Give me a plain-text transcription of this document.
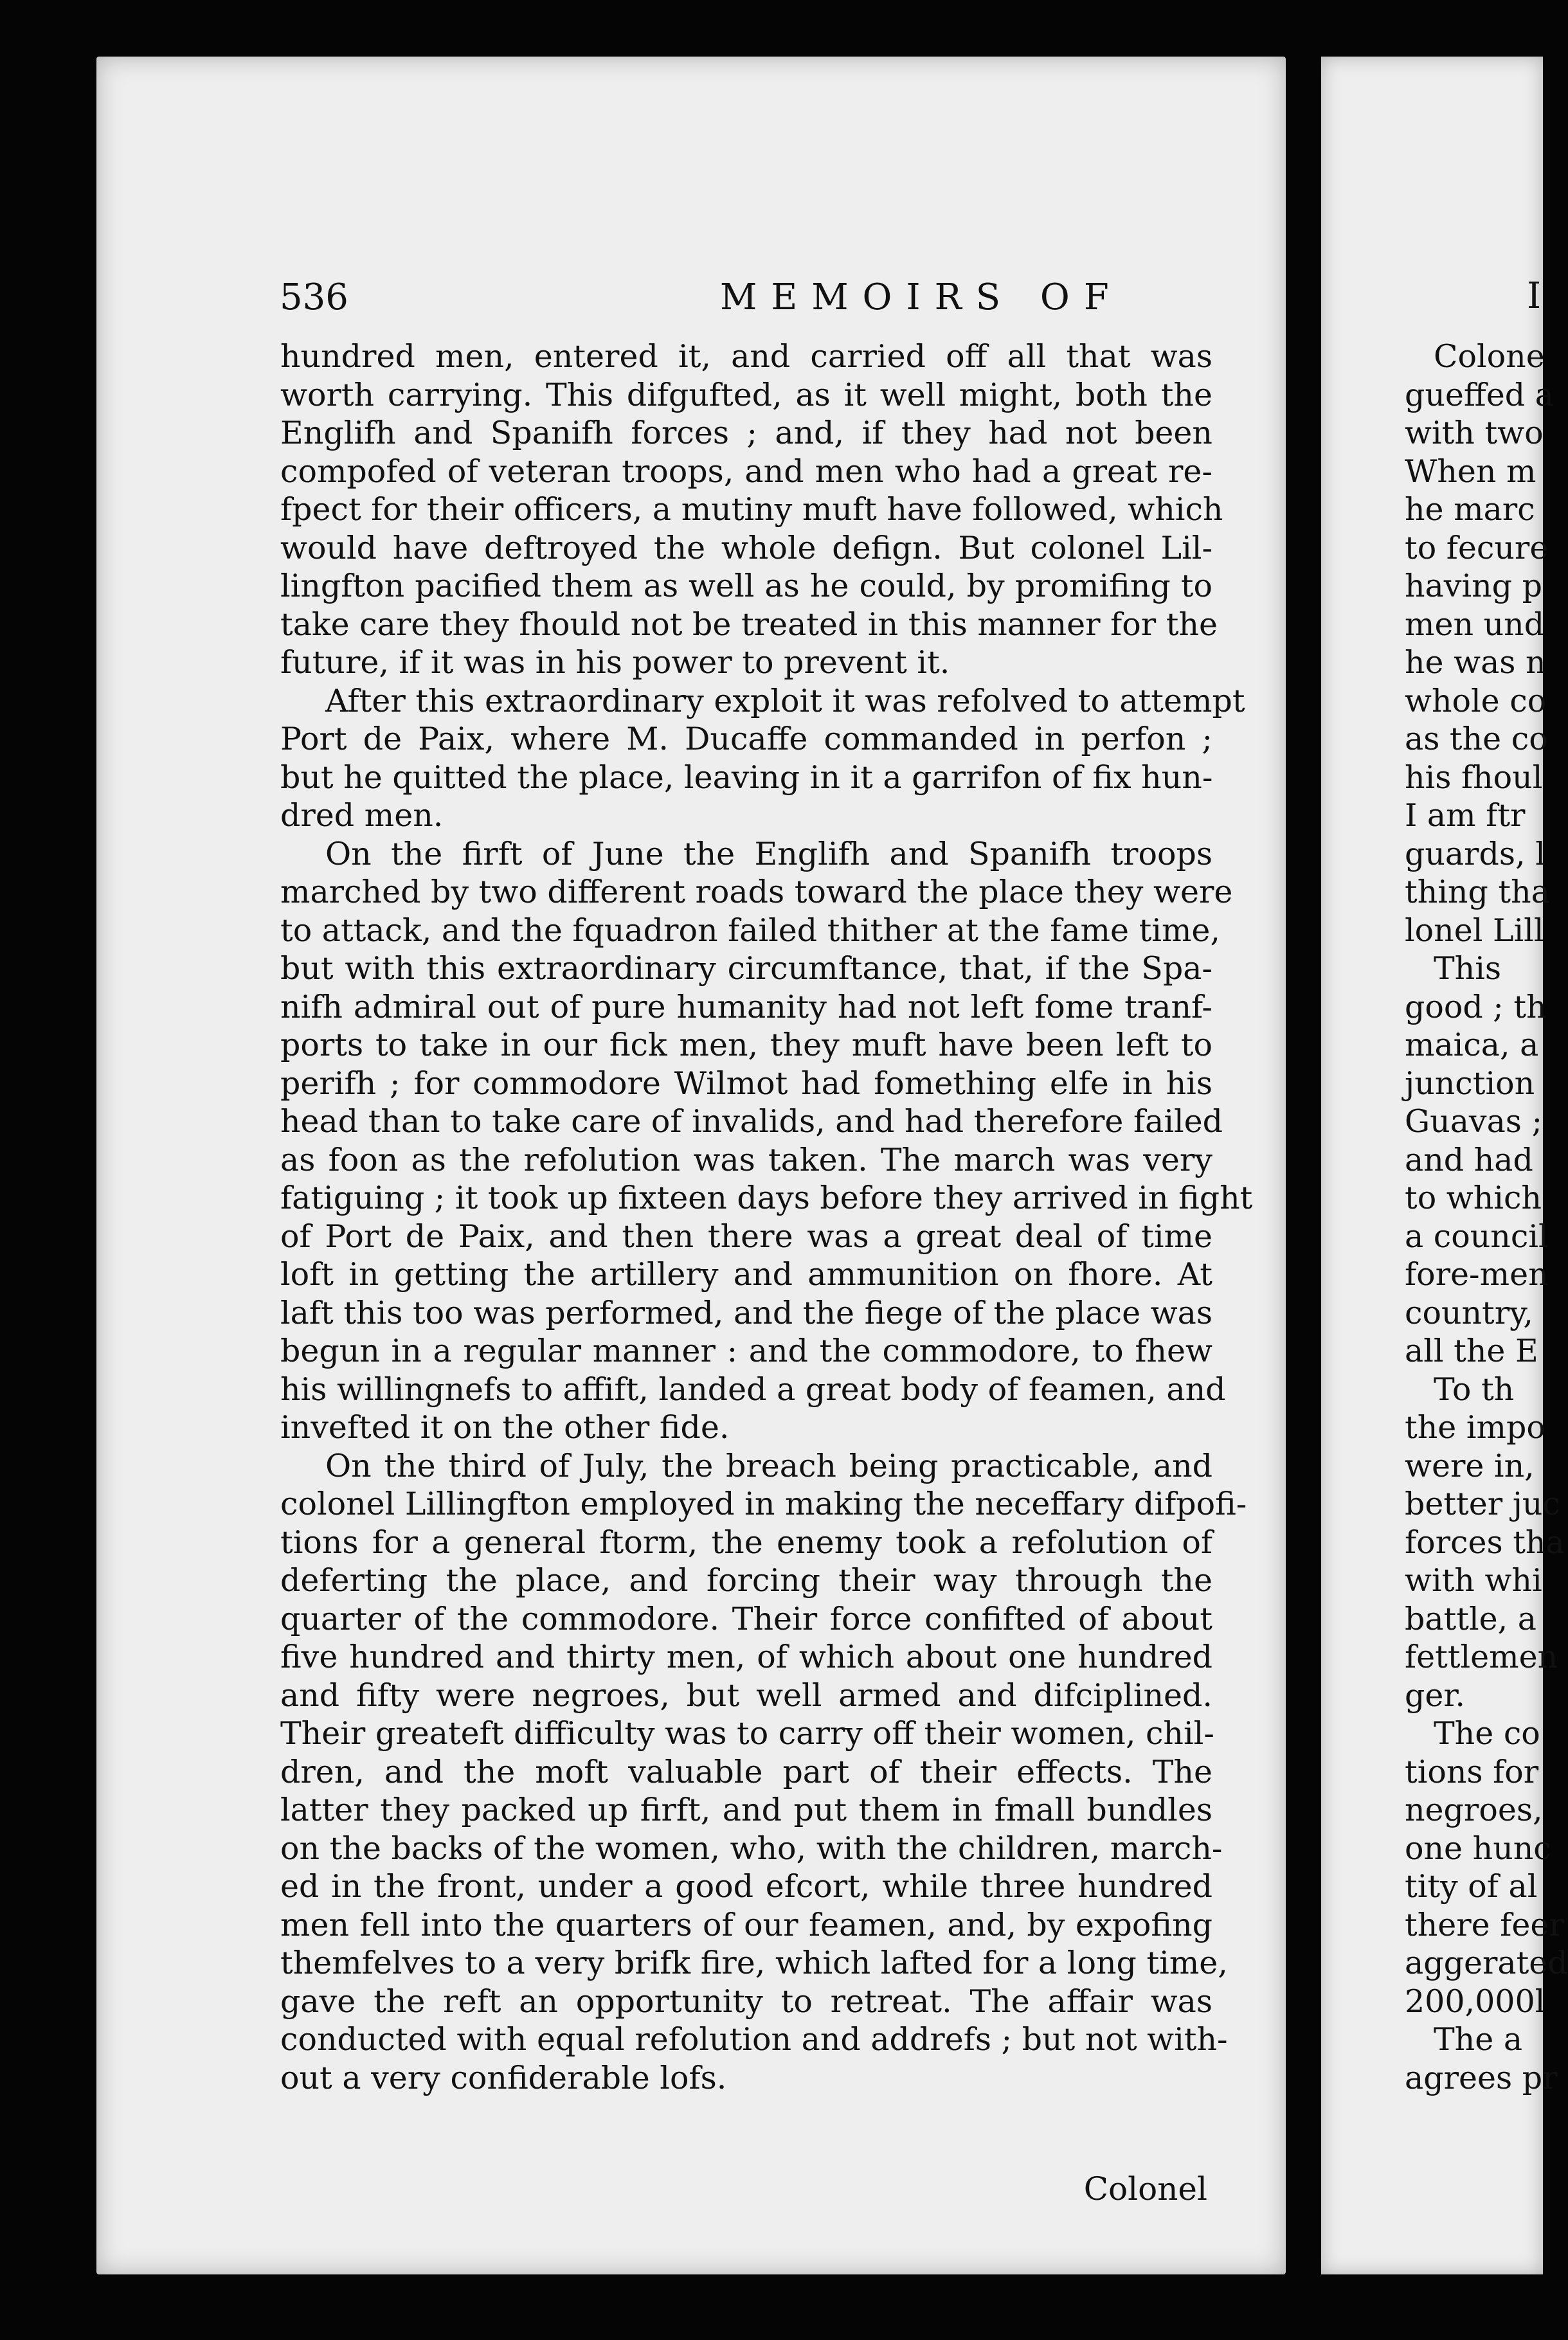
536	MEMOIRS OF
hundred men, entered it, and carried off all that was
worth carrying. This difgufted, as it well might, both the
Englifh and Spanifh forces ; and, if they had not been
compofed of veteran troops, and men who had a great re-
fpect for their officers, a mutiny muft have followed, which
would have deftroyed the whole defign. But colonel Lil-
lingfton pacified them as well as he could, by promifing to
take care they fhould not be treated in this manner for the
future, if it was in his power to prevent it.
After this extraordinary exploit it was refolved to attempt
Port de Paix, where M. Ducaffe commanded in perfon ;
but he quitted the place, leaving in it a garrifon of fix hun-
dred men.
On the firft of June the Englifh and Spanifh troops
marched by two different roads toward the place they were
to attack, and the fquadron failed thither at the fame time,
but with this extraordinary circumftance, that, if the Spa-
nifh admiral out of pure humanity had not left fome tranf-
ports to take in our fick men, they muft have been left to
perifh ; for commodore Wilmot had fomething elfe in his
head than to take care of invalids, and had therefore failed
as foon as the refolution was taken. The march was very
fatiguing ; it took up fixteen days before they arrived in fight
of Port de Paix, and then there was a great deal of time
loft in getting the artillery and ammunition on fhore. At
laft this too was performed, and the fiege of the place was
begun in a regular manner : and the commodore, to fhew
his willingnefs to affift, landed a great body of feamen, and
invefted it on the other fide.
On the third of July, the breach being practicable, and
colonel Lillingfton employed in making the neceffary difpofi-
tions for a general ftorm, the enemy took a refolution of
deferting the place, and forcing their way through the
quarter of the commodore. Their force confifted of about
five hundred and thirty men, of which about one hundred
and fifty were negroes, but well armed and difciplined.
Their greateft difficulty was to carry off their women, chil-
dren, and the moft valuable part of their effects. The
latter they packed up firft, and put them in fmall bundles
on the backs of the women, who, with the children, march-
ed in the front, under a good efcort, while three hundred
men fell into the quarters of our feamen, and, by expofing
themfelves to a very brifk fire, which lafted for a long time,
gave the reft an opportunity to retreat. The affair was
conducted with equal refolution and addrefs ; but not with-
out a very confiderable lofs.
Colonel
I
Colone
gueffed a
with two
When m
he marc
to fecure
having p
men und
he was n
whole co
as the co
his fhoul
I am ftr
guards, l
thing tha
lonel Lill
This
good ; th
maica, a
junction
Guavas ;
and had
to which
a council
fore-men
country,
all the E
To th
the impo
were in,
better juc
forces tha
with whi
battle, a
fettlemen
ger.
The co
tions for
negroes,
one hunc
tity of al
there feer
aggerated
200,000l
The a
agrees pr
